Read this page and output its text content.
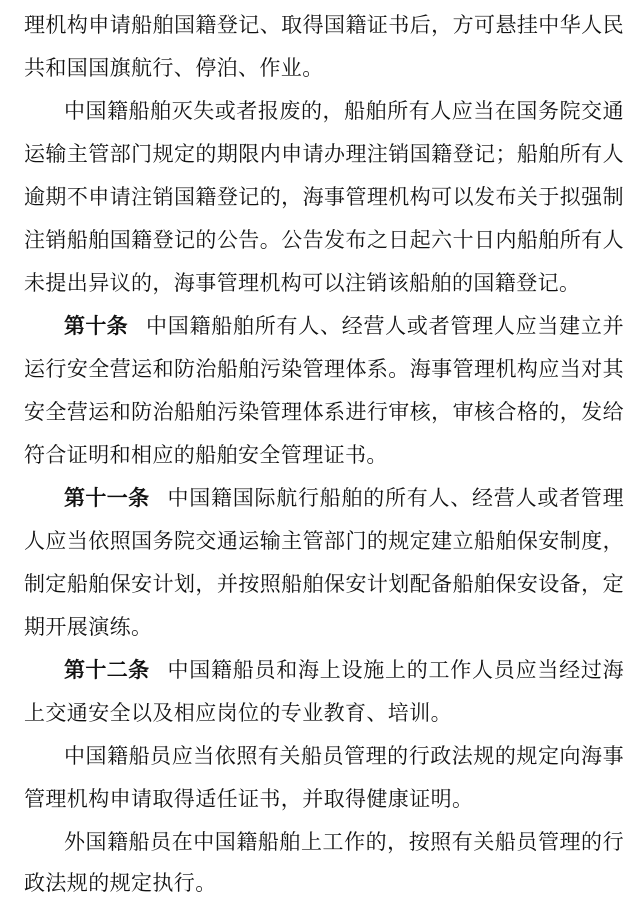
理机构申请船舶国籍登记、取得国籍证书后，方可悬挂中华人民
共和国国旗航行、停泊、作业。
中国籍船舶灭失或者报废的，船舶所有人应当在国务院交通
运输主管部门规定的期限内申请办理注销国籍登记；船舶所有人
逾期不申请注销国籍登记的，海事管理机构可以发布关于拟强制
注销船舶国籍登记的公告。公告发布之日起六十日内船舶所有人
未提出异议的，海事管理机构可以注销该船舶的国籍登记。
第十条 中国籍船舶所有人、经营人或者管理人应当建立并
运行安全营运和防治船舶污染管理体系。海事管理机构应当对其
安全营运和防治船舶污染管理体系进行审核，审核合格的，发给
符合证明和相应的船舶安全管理证书。
第十一条 中国籍国际航行船舶的所有人、经营人或者管理
人应当依照国务院交通运输主管部门的规定建立船舶保安制度，
制定船舶保安计划，并按照船舶保安计划配备船舶保安设备，定
期开展演练。
第十二条 中国籍船员和海上设施上的工作人员应当经过海
上交通安全以及相应岗位的专业教育、培训。
中国籍船员应当依照有关船员管理的行政法规的规定向海事
管理机构申请取得适任证书，并取得健康证明。
外国籍船员在中国籍船舶上工作的，按照有关船员管理的行
政法规的规定执行。
